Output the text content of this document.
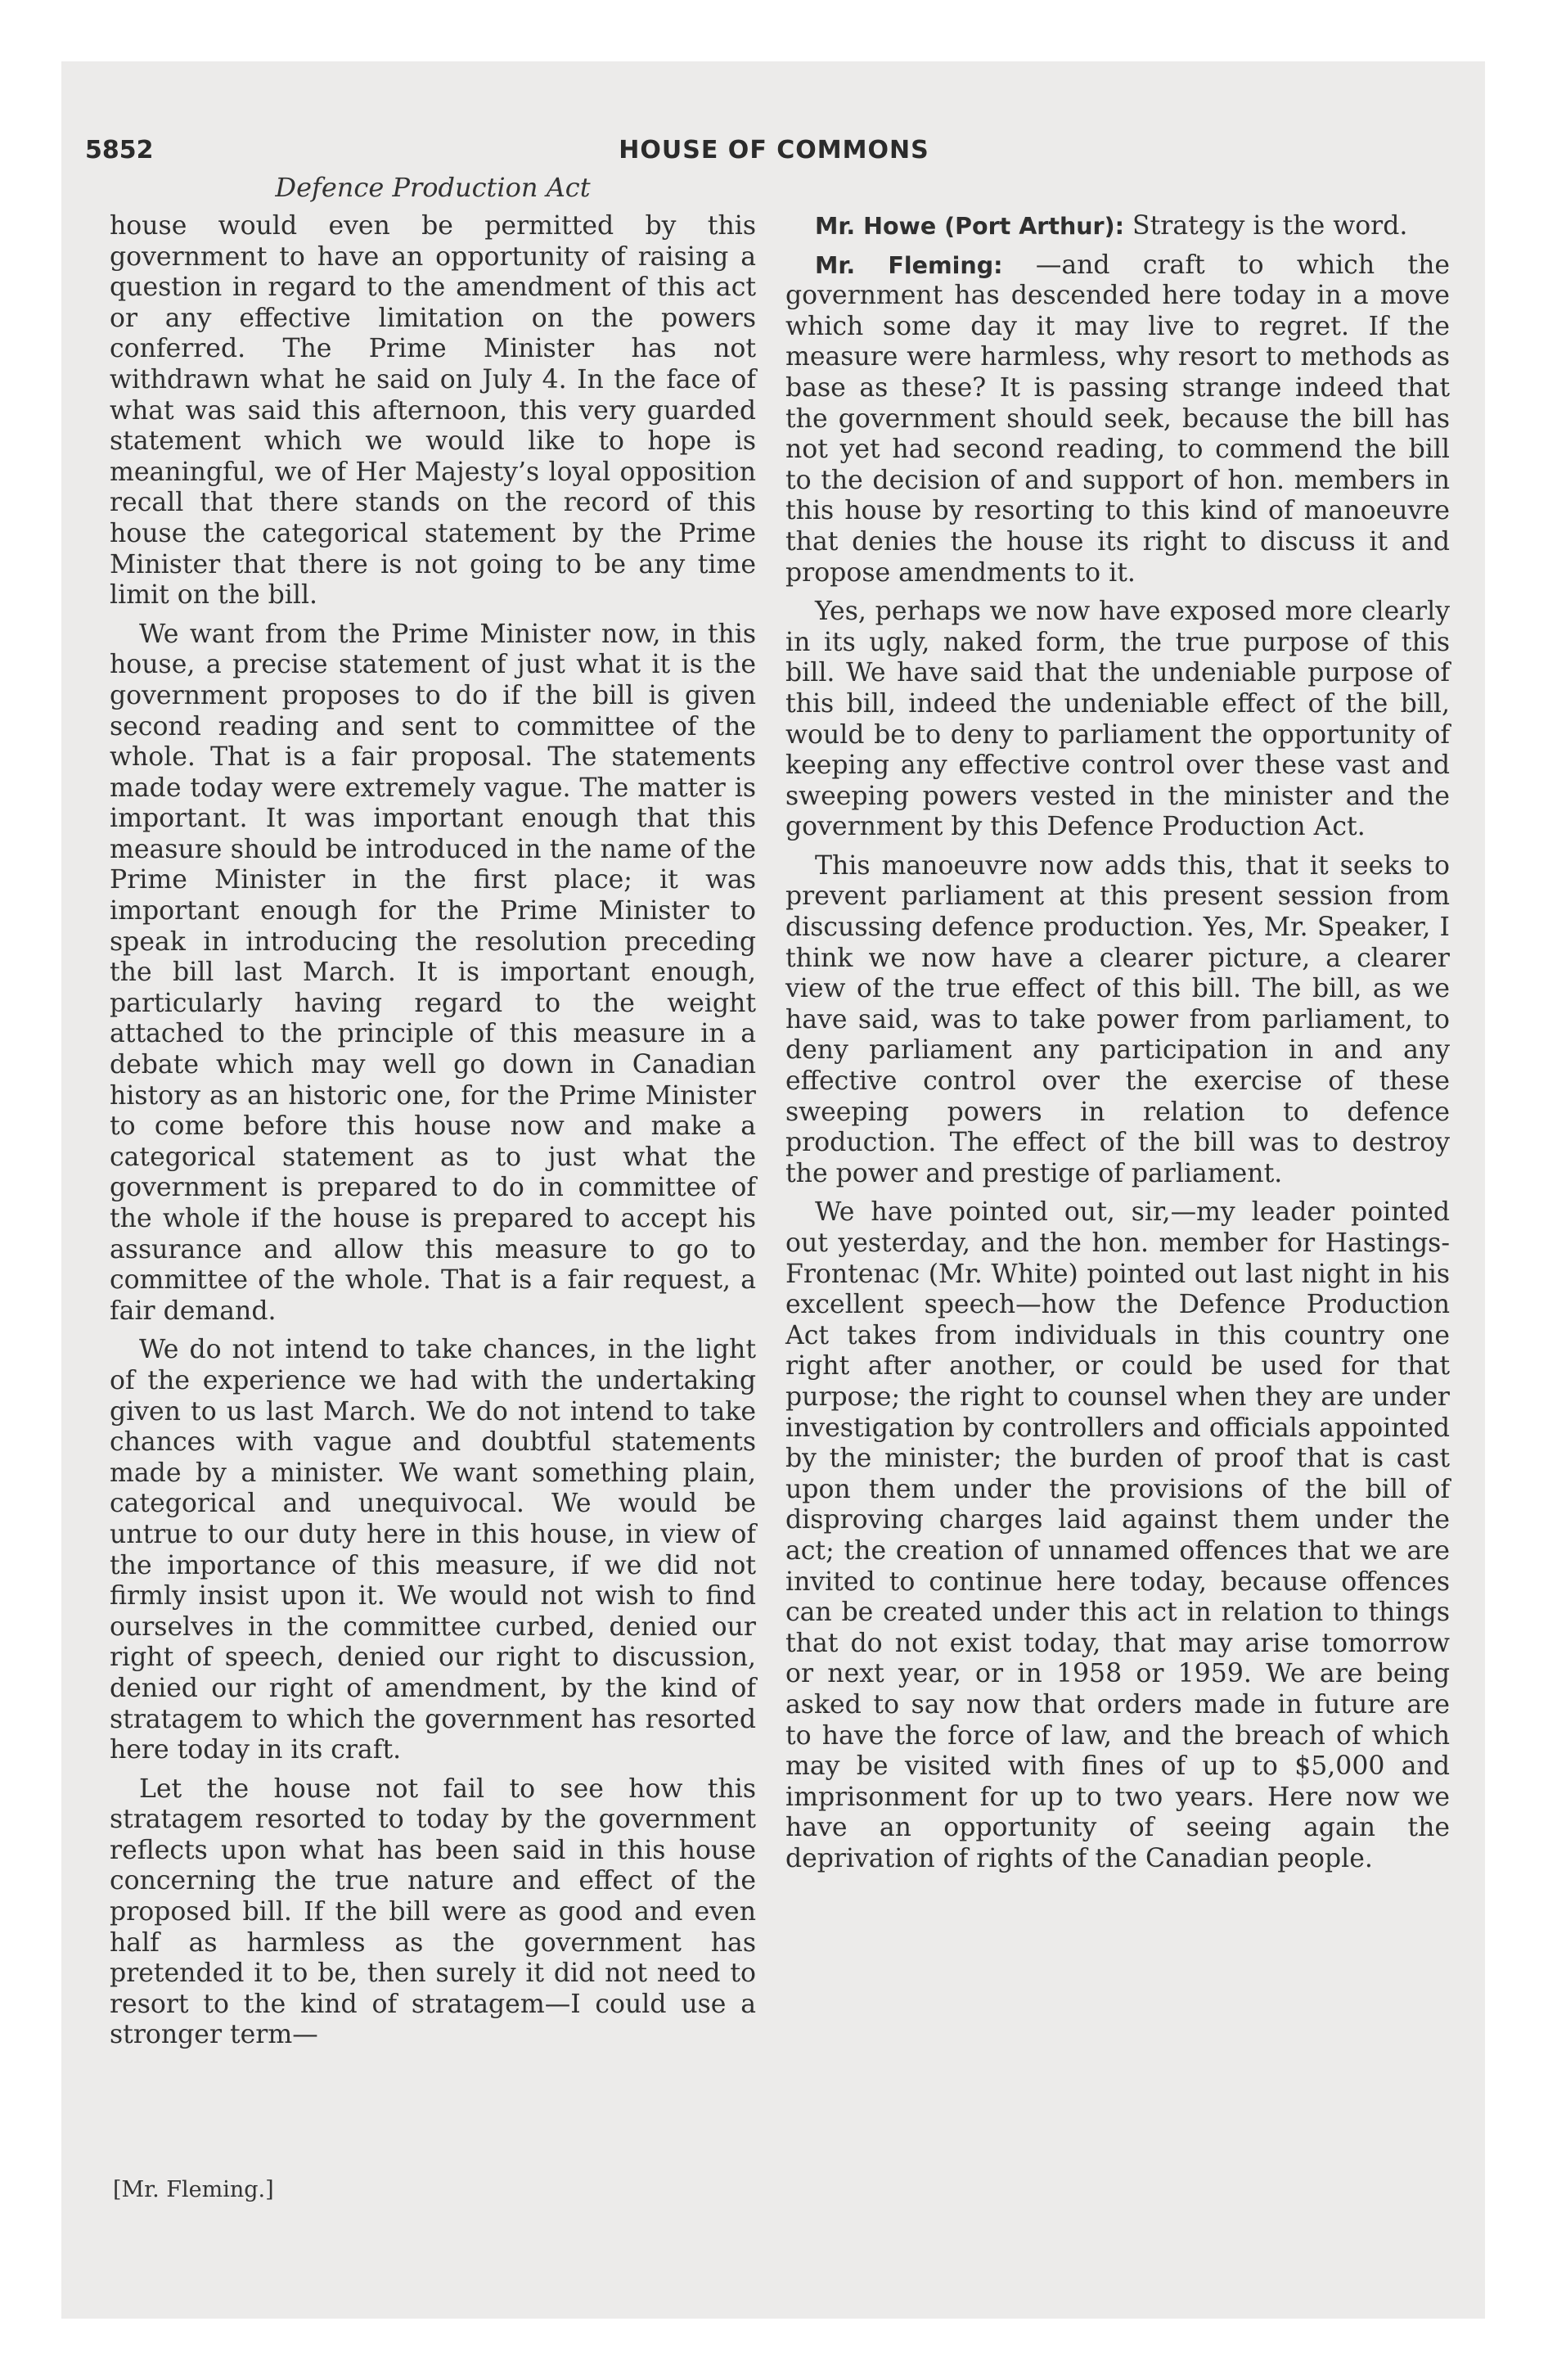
5852	HOUSE OF COMMONS
Defence Production Act

house would even be permitted by this government to have an opportunity of raising a question in regard to the amendment of this act or any effective limitation on the powers conferred. The Prime Minister has not withdrawn what he said on July 4. In the face of what was said this afternoon, this very guarded statement which we would like to hope is meaningful, we of Her Majesty’s loyal opposition recall that there stands on the record of this house the categorical statement by the Prime Minister that there is not going to be any time limit on the bill.

We want from the Prime Minister now, in this house, a precise statement of just what it is the government proposes to do if the bill is given second reading and sent to committee of the whole. That is a fair proposal. The statements made today were extremely vague. The matter is important. It was important enough that this measure should be introduced in the name of the Prime Minister in the first place; it was important enough for the Prime Minister to speak in introducing the resolution preceding the bill last March. It is important enough, particularly having regard to the weight attached to the principle of this measure in a debate which may well go down in Canadian history as an historic one, for the Prime Minister to come before this house now and make a categorical statement as to just what the government is prepared to do in committee of the whole if the house is prepared to accept his assurance and allow this measure to go to committee of the whole. That is a fair request, a fair demand.

We do not intend to take chances, in the light of the experience we had with the undertaking given to us last March. We do not intend to take chances with vague and doubtful statements made by a minister. We want something plain, categorical and unequivocal. We would be untrue to our duty here in this house, in view of the importance of this measure, if we did not firmly insist upon it. We would not wish to find ourselves in the committee curbed, denied our right of speech, denied our right to discussion, denied our right of amendment, by the kind of stratagem to which the government has resorted here today in its craft.

Let the house not fail to see how this stratagem resorted to today by the government reflects upon what has been said in this house concerning the true nature and effect of the proposed bill. If the bill were as good and even half as harmless as the government has pretended it to be, then surely it did not need to resort to the kind of stratagem—I could use a stronger term—

Mr. Howe (Port Arthur): Strategy is the word.

Mr. Fleming: —and craft to which the government has descended here today in a move which some day it may live to regret. If the measure were harmless, why resort to methods as base as these? It is passing strange indeed that the government should seek, because the bill has not yet had second reading, to commend the bill to the decision of and support of hon. members in this house by resorting to this kind of manoeuvre that denies the house its right to discuss it and propose amendments to it.

Yes, perhaps we now have exposed more clearly in its ugly, naked form, the true purpose of this bill. We have said that the undeniable purpose of this bill, indeed the undeniable effect of the bill, would be to deny to parliament the opportunity of keeping any effective control over these vast and sweeping powers vested in the minister and the government by this Defence Production Act.

This manoeuvre now adds this, that it seeks to prevent parliament at this present session from discussing defence production. Yes, Mr. Speaker, I think we now have a clearer picture, a clearer view of the true effect of this bill. The bill, as we have said, was to take power from parliament, to deny parliament any participation in and any effective control over the exercise of these sweeping powers in relation to defence production. The effect of the bill was to destroy the power and prestige of parliament.

We have pointed out, sir,—my leader pointed out yesterday, and the hon. member for Hastings-Frontenac (Mr. White) pointed out last night in his excellent speech—how the Defence Production Act takes from individuals in this country one right after another, or could be used for that purpose; the right to counsel when they are under investigation by controllers and officials appointed by the minister; the burden of proof that is cast upon them under the provisions of the bill of disproving charges laid against them under the act; the creation of unnamed offences that we are invited to continue here today, because offences can be created under this act in relation to things that do not exist today, that may arise tomorrow or next year, or in 1958 or 1959. We are being asked to say now that orders made in future are to have the force of law, and the breach of which may be visited with fines of up to $5,000 and imprisonment for up to two years. Here now we have an opportunity of seeing again the deprivation of rights of the Canadian people.

[Mr. Fleming.]
